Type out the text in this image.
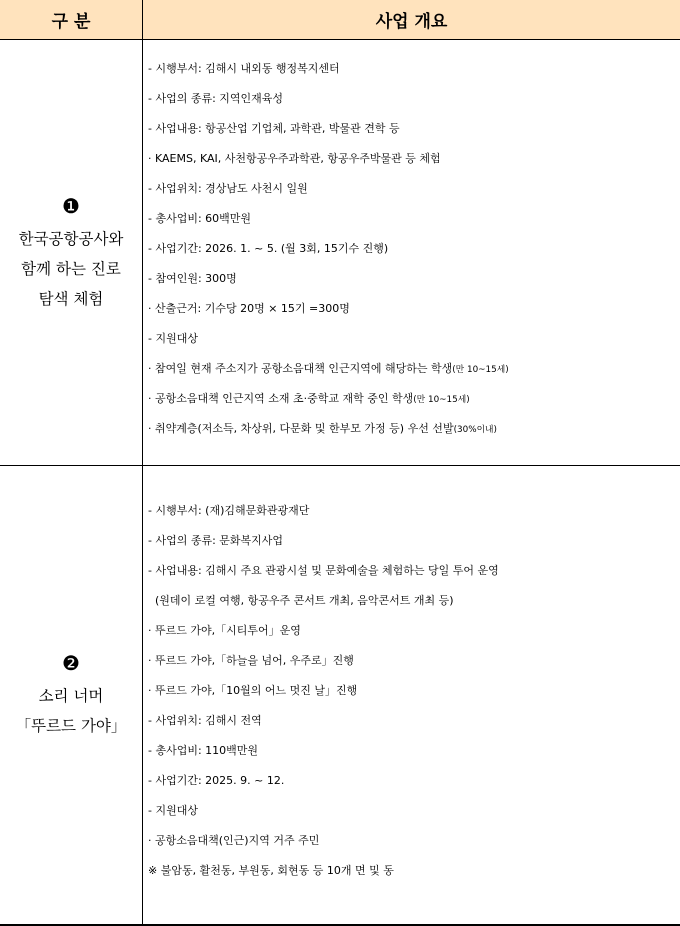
구 분	사업 개요
❶
한국공항공사와
함께 하는 진로
탐색 체험
- 시행부서: 김해시 내외동 행정복지센터
- 사업의 종류: 지역인재육성
- 사업내용: 항공산업 기업체, 과학관, 박물관 견학 등
· KAEMS, KAI, 사천항공우주과학관, 항공우주박물관 등 체험
- 사업위치: 경상남도 사천시 일원
- 총사업비: 60백만원
- 사업기간: 2026. 1. ~ 5. (월 3회, 15기수 진행)
- 참여인원: 300명
· 산출근거: 기수당 20명 × 15기 =300명
- 지원대상
· 참여일 현재 주소지가 공항소음대책 인근지역에 해당하는 학생(만 10~15세)
· 공항소음대책 인근지역 소재 초·중학교 재학 중인 학생(만 10~15세)
· 취약계층(저소득, 차상위, 다문화 및 한부모 가정 등) 우선 선발(30%이내)
❷
소리 너머
「뚜르드 가야」
- 시행부서: (재)김해문화관광재단
- 사업의 종류: 문화복지사업
- 사업내용: 김해시 주요 관광시설 및 문화예술을 체험하는 당일 투어 운영
(원데이 로컬 여행, 항공우주 콘서트 개최, 음악콘서트 개최 등)
· 뚜르드 가야,「시티투어」운영
· 뚜르드 가야,「하늘을 넘어, 우주로」진행
· 뚜르드 가야,「10월의 어느 멋진 날」진행
- 사업위치: 김해시 전역
- 총사업비: 110백만원
- 사업기간: 2025. 9. ~ 12.
- 지원대상
· 공항소음대책(인근)지역 거주 주민
※ 불암동, 활천동, 부원동, 회현동 등 10개 면 및 동
